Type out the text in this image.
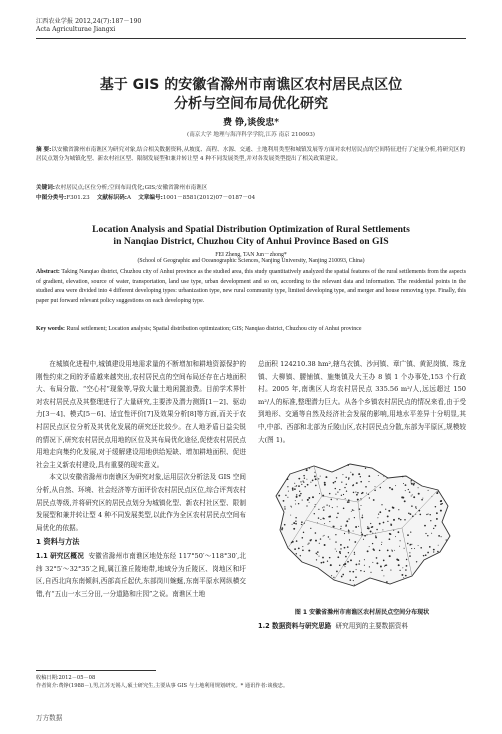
江西农业学报 2012,24(7):187－190
Acta Agriculturae Jiangxi
基于 GIS 的安徽省滁州市南谯区农村居民点区位
分析与空间布局优化研究
费 铮,谈俊忠*
(南京大学 地理与海洋科学学院,江苏 南京 210093)
摘 要:以安徽省滁州市南谯区为研究对象,结合相关数据资料,从坡度、高程、水源、交通、土地利用类型和城镇发展等方面对农村居民点的空间特征进行了定量分析,将研究区的居民点划分为城镇化型、新农村社区型、限制发展型和兼并转让型 4 种不同发展类型,并对各发展类型提出了相关政策建议。
关键词:农村居民点;区位分析;空间布局优化;GIS;安徽省滁州市南谯区
中图分类号:F301.23 文献标识码:A 文章编号:1001－8581(2012)07－0187－04
Location Analysis and Spatial Distribution Optimization of Rural Settlements
in Nanqiao District, Chuzhou City of Anhui Province Based on GIS
FEI Zheng, TAN Jun－zhong*
(School of Geographic and Oceanographic Sciences, Nanjing University, Nanjing 210093, China)
Abstract: Taking Nanqiao district, Chuzhou city of Anhui province as the studied area, this study quantitatively analyzed the spatial features of the rural settlements from the aspects of gradient, elevation, source of water, transportation, land use type, urban development and so on, according to the relevant data and information. The residential points in the studied area were divided into 4 different developing types: urbanization type, new rural community type, limited developing type, and merger and house removing type. Finally, this paper put forward relevant policy suggestions on each developing type.
Key words: Rural settlement; Location analysis; Spatial distribution optimization; GIS; Nanqiao district, Chuzhou city of Anhui province

在城镇化进程中,城镇建设用地需求量的不断增加和耕地资源保护的刚性约束之间的矛盾越来越突出,农村居民点的空间布局还存在占地面积大、布局分散、“空心村”现象等,导致大量土地闲置浪费。目前学术界针对农村居民点及其整理进行了大量研究,主要涉及潜力测算[1－2]、驱动力[3－4]、模式[5－6]、适宜性评价[7]及效果分析[8]等方面,而关于农村居民点区位分析及其优化发展的研究还比较少。在人地矛盾日益尖锐的情况下,研究农村居民点用地的区位及其布局优化途径,促使农村居民点用地走向集约化发展,对于缓解建设用地供给短缺、增加耕地面积、促进社会主义新农村建设,具有重要的现实意义。

本文以安徽省滁州市南谯区为研究对象,运用层次分析法及 GIS 空间分析,从自然、环境、社会经济等方面评价农村居民点区位,综合评判农村居民点等级,并将研究区的居民点划分为城镇化型、新农村社区型、限制发展型和兼并转让型 4 种不同发展类型,以此作为全区农村居民点空间布局优化的依据。

1 资料与方法
1.1 研究区概况 安徽省滁州市南谯区地处东经 117°50′～118°30′,北纬 32°5′～32°35′之间,属江淮丘陵地带,地域分为丘陵区、岗地区和圩区,自西北向东南倾斜,西部高丘起伏,东部岗川蜿蜒,东南平原水网纵横交错,有“五山一水三分田,一分道路和庄园”之说。南谯区土地
总面积 124210.38 hm²,辖乌衣镇、沙河镇、章广镇、黄泥岗镇、珠龙镇、大柳镇、腰铺镇、施集镇及大王办 8 镇 1 个办事处,153 个行政村。2005 年,南谯区人均农村居民点 335.56 m²/人,远远超过 150 m²/人的标准,整理潜力巨大。从各个乡镇农村居民点的情况来看,由于受到地形、交通等自然及经济社会发展的影响,用地水平差异十分明显,其中,中部、西部和北部为丘陵山区,农村居民点分散,东部为平原区,规模较大(图 1)。
图 1 安徽省滁州市南谯区农村居民点空间分布现状
1.2 数据资料与研究思路 研究用到的主要数据资料
收稿日期:2012－05－08
作者简介:费铮(1988－),男,江苏无锡人,硕士研究生,主要从事 GIS 与土地利用规划研究。* 通讯作者:谈俊忠。
万方数据
